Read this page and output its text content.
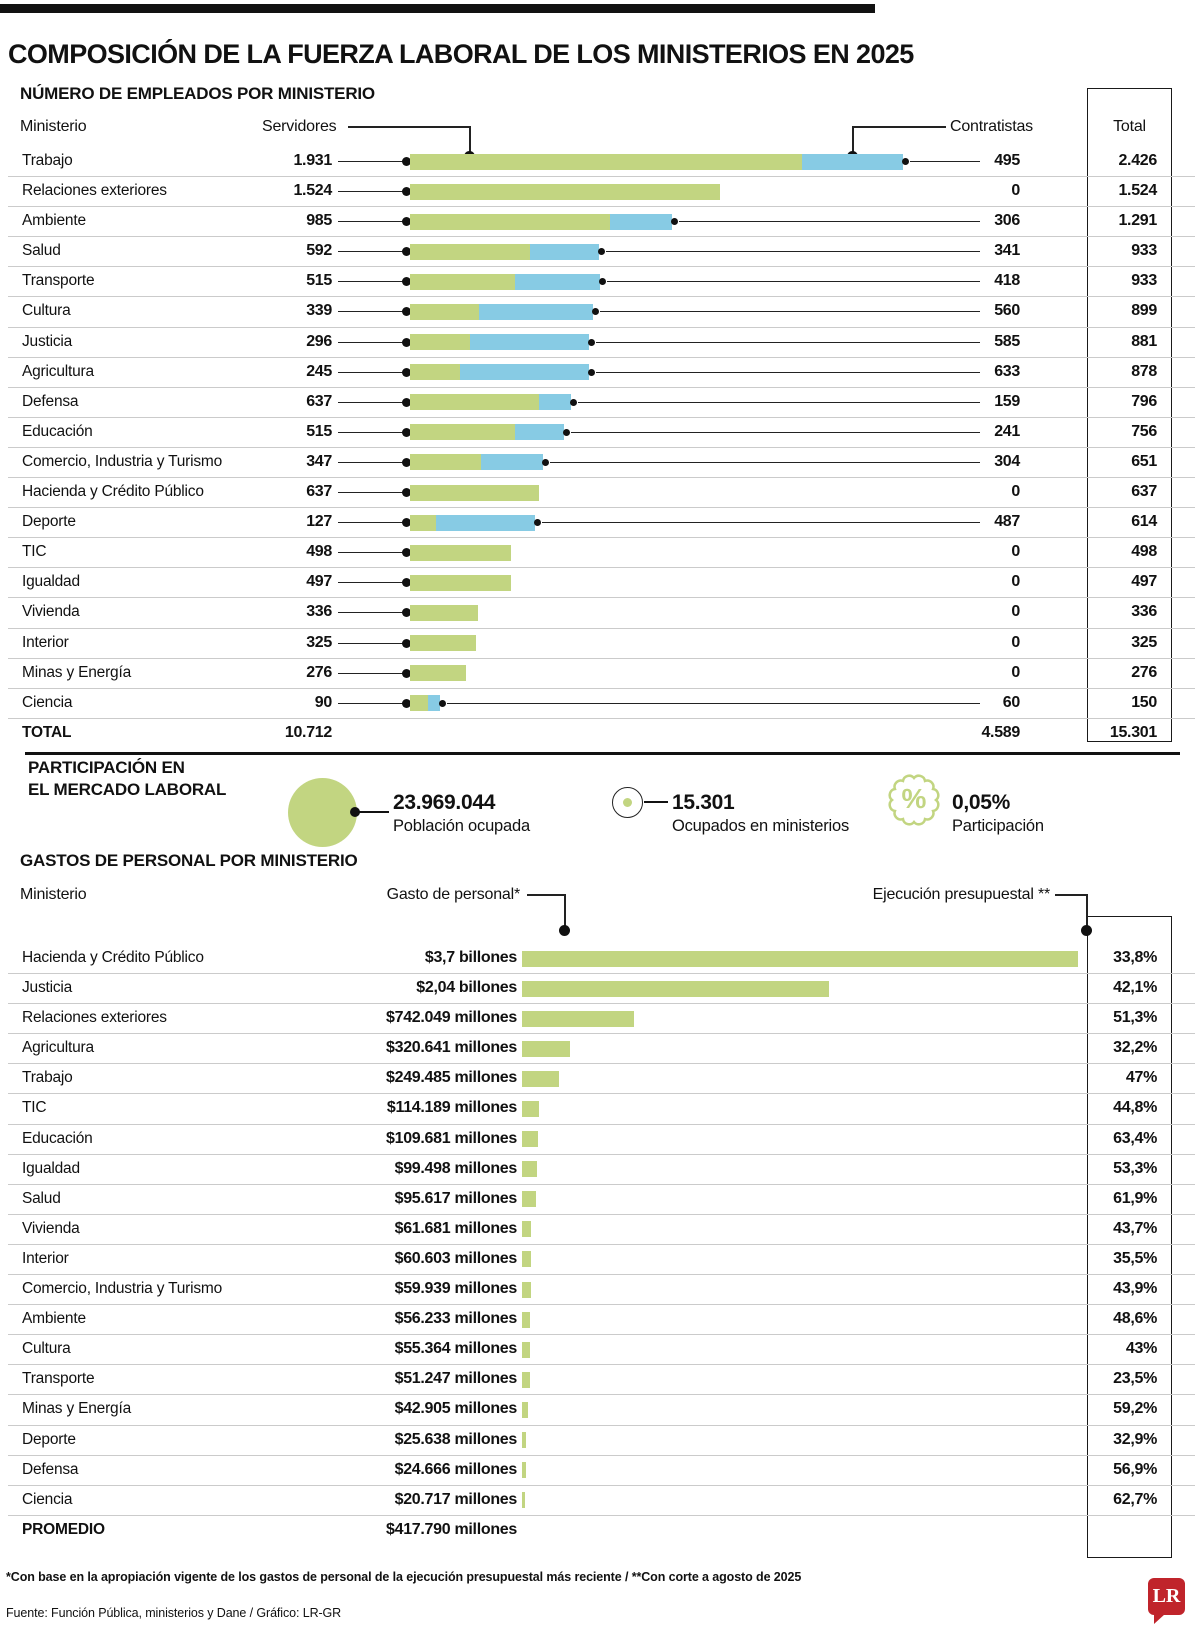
COMPOSICIÓN DE LA FUERZA LABORAL DE LOS MINISTERIOS EN 2025
NÚMERO DE EMPLEADOS POR MINISTERIO
Ministerio	Servidores	Contratistas	Total
Trabajo	1.931	495	2.426
Relaciones exteriores	1.524	0	1.524
Ambiente	985	306	1.291
Salud	592	341	933
Transporte	515	418	933
Cultura	339	560	899
Justicia	296	585	881
Agricultura	245	633	878
Defensa	637	159	796
Educación	515	241	756
Comercio, Industria y Turismo	347	304	651
Hacienda y Crédito Público	637	0	637
Deporte	127	487	614
TIC	498	0	498
Igualdad	497	0	497
Vivienda	336	0	336
Interior	325	0	325
Minas y Energía	276	0	276
Ciencia	90	60	150
TOTAL	10.712	4.589	15.301
PARTICIPACIÓN EN
EL MERCADO LABORAL
23.969.044
Población ocupada
15.301
Ocupados en ministerios
%	0,05%
Participación
GASTOS DE PERSONAL POR MINISTERIO
Ministerio	Gasto de personal*	Ejecución presupuestal **
Hacienda y Crédito Público	$3,7 billones	33,8%
Justicia	$2,04 billones	42,1%
Relaciones exteriores	$742.049 millones	51,3%
Agricultura	$320.641 millones	32,2%
Trabajo	$249.485 millones	47%
TIC	$114.189 millones	44,8%
Educación	$109.681 millones	63,4%
Igualdad	$99.498 millones	53,3%
Salud	$95.617 millones	61,9%
Vivienda	$61.681 millones	43,7%
Interior	$60.603 millones	35,5%
Comercio, Industria y Turismo	$59.939 millones	43,9%
Ambiente	$56.233 millones	48,6%
Cultura	$55.364 millones	43%
Transporte	$51.247 millones	23,5%
Minas y Energía	$42.905 millones	59,2%
Deporte	$25.638 millones	32,9%
Defensa	$24.666 millones	56,9%
Ciencia	$20.717 millones	62,7%
PROMEDIO	$417.790 millones
*Con base en la apropiación vigente de los gastos de personal de la ejecución presupuestal más reciente / **Con corte a agosto de 2025
Fuente: Función Pública, ministerios y Dane / Gráfico: LR-GR
LR
